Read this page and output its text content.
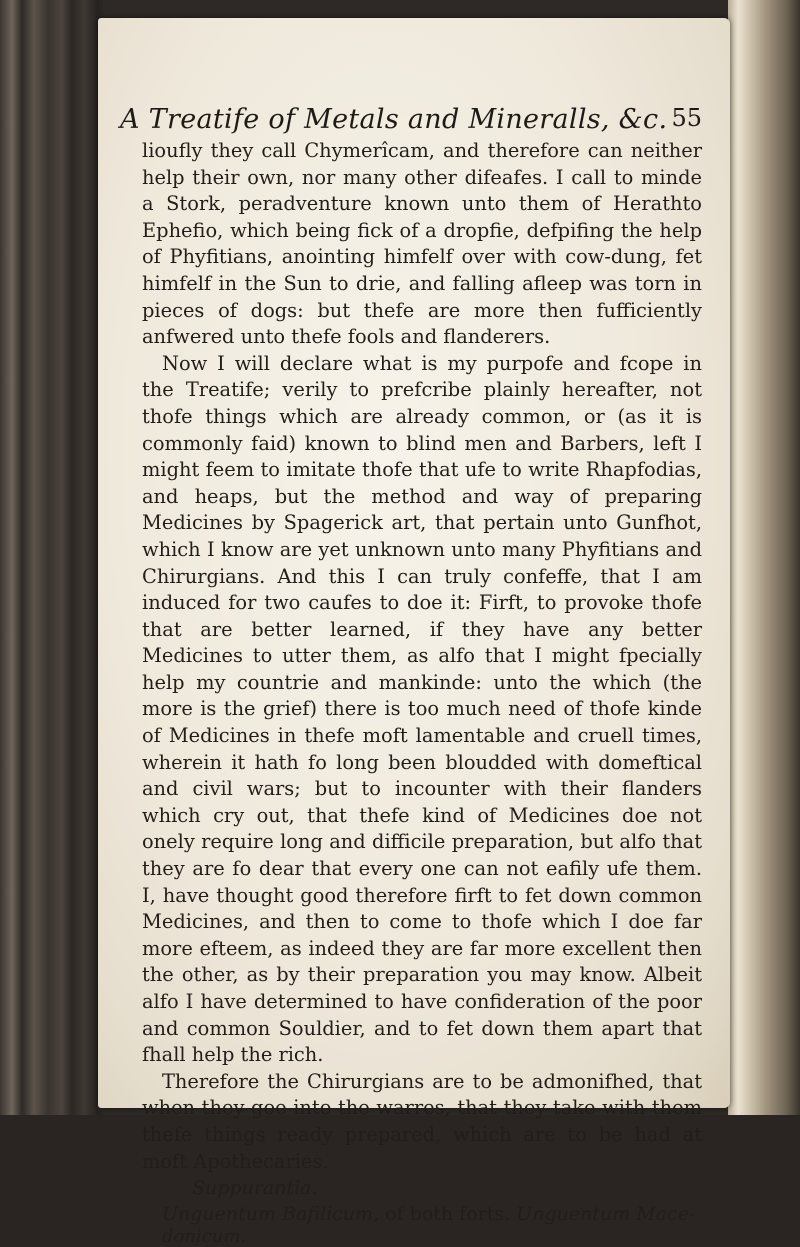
A Treatife of Metals and Mineralls, &c. 55

lioufly they call Chymerîcam, and therefore can neither help their own, nor many other difeafes. I call to minde a Stork, peradventure known unto them of Herathto Ephefio, which being fick of a dropfie, defpifing the help of Phyfitians, anointing himfelf over with cow-dung, fet himfelf in the Sun to drie, and falling afleep was torn in pieces of dogs: but thefe are more then fufficiently anfwered unto thefe fools and flanderers.

Now I will declare what is my purpofe and fcope in the Treatife; verily to prefcribe plainly hereafter, not thofe things which are already common, or (as it is commonly faid) known to blind men and Barbers, left I might feem to imitate thofe that ufe to write Rhapfodias, and heaps, but the method and way of preparing Medicines by Spagerick art, that pertain unto Gunfhot, which I know are yet unknown unto many Phyfitians and Chirurgians. And this I can truly confeffe, that I am induced for two caufes to doe it: Firft, to provoke thofe that are better learned, if they have any better Medicines to utter them, as alfo that I might fpecially help my countrie and mankinde: unto the which (the more is the grief) there is too much need of thofe kinde of Medicines in thefe moft lamentable and cruell times, wherein it hath fo long been bloudded with domeftical and civil wars; but to incounter with their flanders which cry out, that thefe kind of Medicines doe not onely require long and difficile preparation, but alfo that they are fo dear that every one can not eafily ufe them. I, have thought good therefore firft to fet down common Medicines, and then to come to thofe which I doe far more efteem, as indeed they are far more excellent then the other, as by their preparation you may know. Albeit alfo I have determined to have confideration of the poor and common Souldier, and to fet down them apart that fhall help the rich.

Therefore the Chirurgians are to be admonifhed, that when they goe into the warres, that they take with them thefe things ready prepared, which are to be had at moft Apothecaries.

Suppurantia.

Unguentum Bafilicum, of both forts. Unguentum Mace-

donicum.
